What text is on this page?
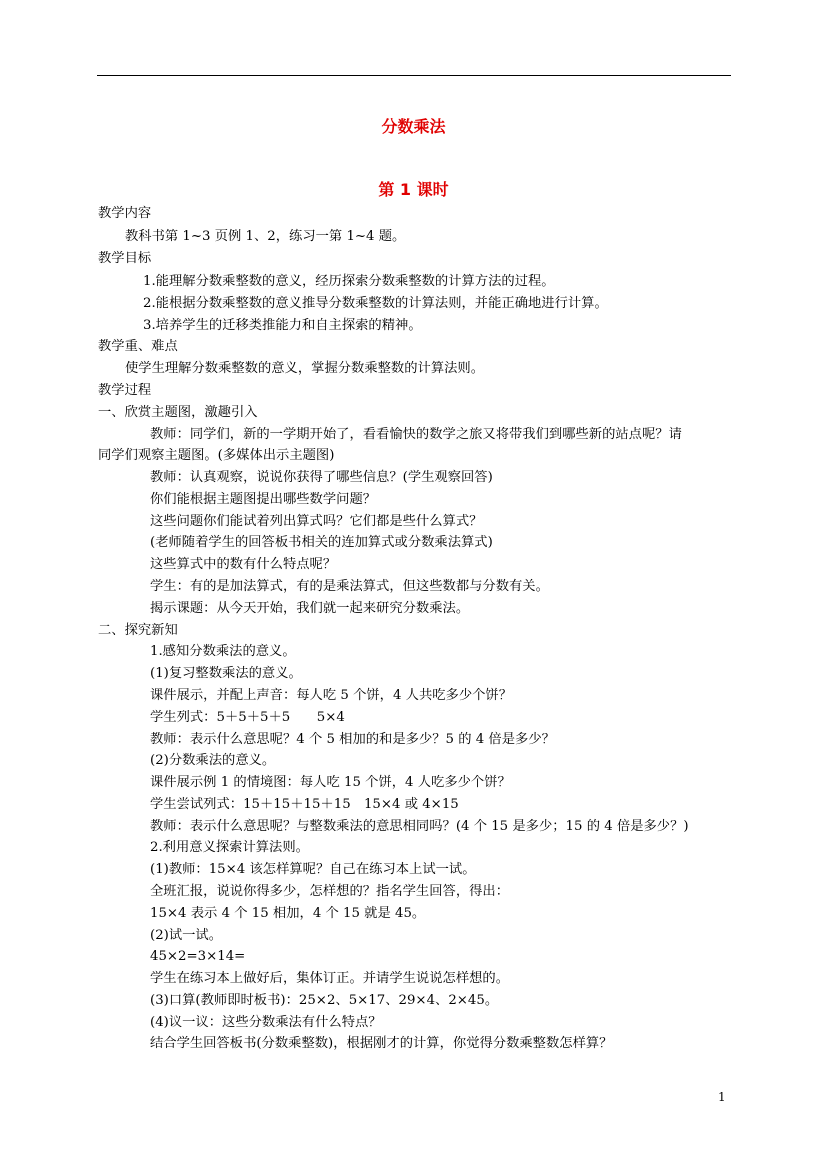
分数乘法
第 1 课时
教学内容
教科书第 1~3 页例 1、2，练习一第 1~4 题。
教学目标
1.能理解分数乘整数的意义，经历探索分数乘整数的计算方法的过程。
2.能根据分数乘整数的意义推导分数乘整数的计算法则，并能正确地进行计算。
3.培养学生的迁移类推能力和自主探索的精神。
教学重、难点
使学生理解分数乘整数的意义，掌握分数乘整数的计算法则。
教学过程
一、欣赏主题图，激趣引入
教师：同学们，新的一学期开始了，看看愉快的数学之旅又将带我们到哪些新的站点呢？请
同学们观察主题图。(多媒体出示主题图)
教师：认真观察，说说你获得了哪些信息？(学生观察回答)
你们能根据主题图提出哪些数学问题？
这些问题你们能试着列出算式吗？它们都是些什么算式？
(老师随着学生的回答板书相关的连加算式或分数乘法算式)
这些算式中的数有什么特点呢？
学生：有的是加法算式，有的是乘法算式，但这些数都与分数有关。
揭示课题：从今天开始，我们就一起来研究分数乘法。
二、探究新知
1.感知分数乘法的意义。
(1)复习整数乘法的意义。
课件展示，并配上声音：每人吃 5 个饼，4 人共吃多少个饼？
学生列式：5＋5＋5＋5　　5×4
教师：表示什么意思呢？4 个 5 相加的和是多少？5 的 4 倍是多少？
(2)分数乘法的意义。
课件展示例 1 的情境图：每人吃 15 个饼，4 人吃多少个饼？
学生尝试列式：15＋15＋15＋15　15×4 或 4×15
教师：表示什么意思呢？与整数乘法的意思相同吗？(4 个 15 是多少；15 的 4 倍是多少？)
2.利用意义探索计算法则。
(1)教师：15×4 该怎样算呢？自己在练习本上试一试。
全班汇报，说说你得多少，怎样想的？指名学生回答，得出：
15×4 表示 4 个 15 相加，4 个 15 就是 45。
(2)试一试。
45×2=3×14=
学生在练习本上做好后，集体订正。并请学生说说怎样想的。
(3)口算(教师即时板书)：25×2、5×17、29×4、2×45。
(4)议一议：这些分数乘法有什么特点？
结合学生回答板书(分数乘整数)，根据刚才的计算，你觉得分数乘整数怎样算？
1
